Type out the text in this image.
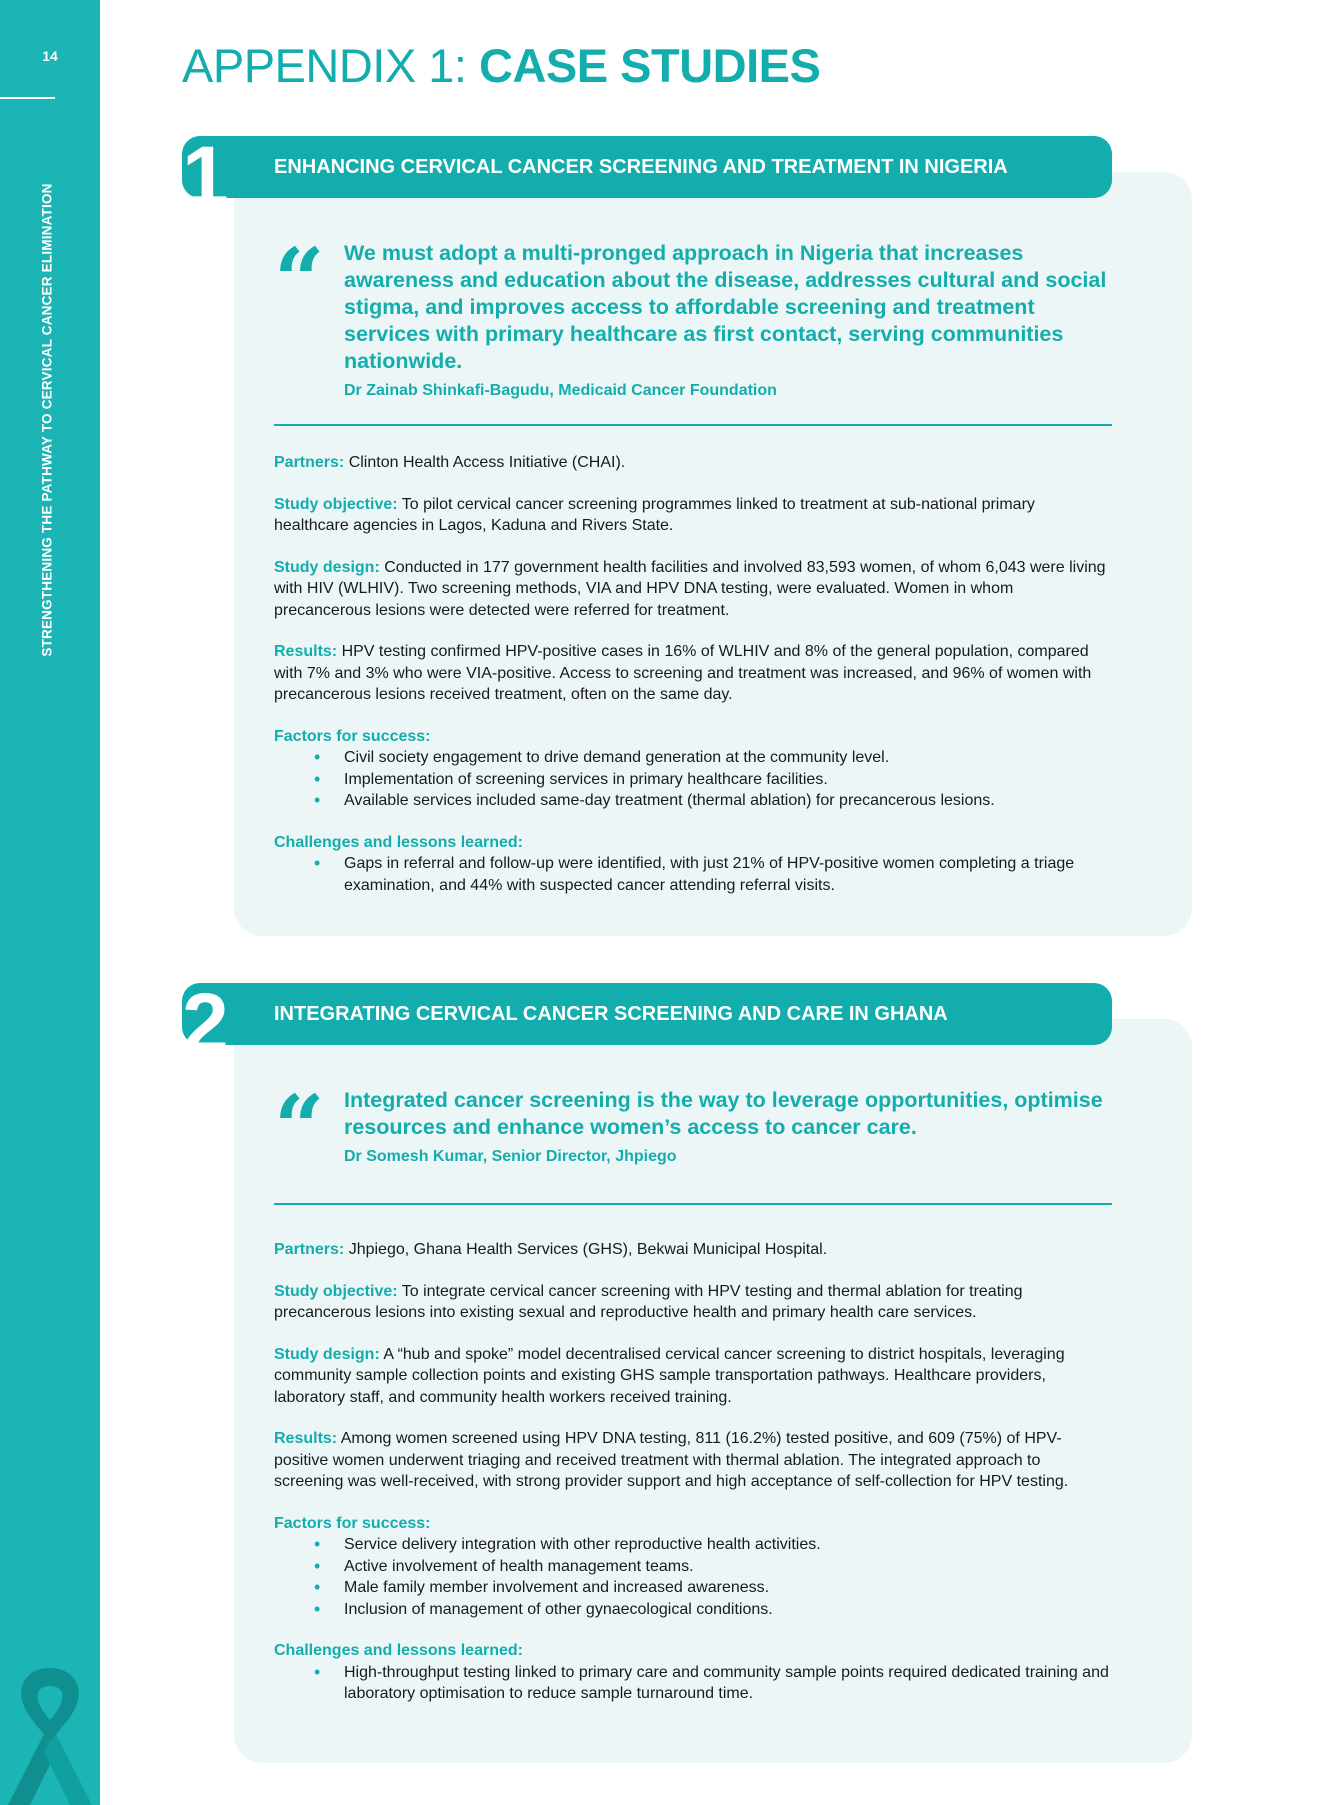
14
STRENGTHENING THE PATHWAY TO CERVICAL CANCER ELIMINATION
APPENDIX 1: CASE STUDIES
1 ENHANCING CERVICAL CANCER SCREENING AND TREATMENT IN NIGERIA
“ We must adopt a multi-pronged approach in Nigeria that increases awareness and education about the disease, addresses cultural and social stigma, and improves access to affordable screening and treatment services with primary healthcare as first contact, serving communities nationwide.
Dr Zainab Shinkafi-Bagudu, Medicaid Cancer Foundation

Partners: Clinton Health Access Initiative (CHAI).

Study objective: To pilot cervical cancer screening programmes linked to treatment at sub-national primary healthcare agencies in Lagos, Kaduna and Rivers State.

Study design: Conducted in 177 government health facilities and involved 83,593 women, of whom 6,043 were living with HIV (WLHIV). Two screening methods, VIA and HPV DNA testing, were evaluated. Women in whom precancerous lesions were detected were referred for treatment.

Results: HPV testing confirmed HPV-positive cases in 16% of WLHIV and 8% of the general population, compared with 7% and 3% who were VIA-positive. Access to screening and treatment was increased, and 96% of women with precancerous lesions received treatment, often on the same day.

Factors for success:
• Civil society engagement to drive demand generation at the community level.
• Implementation of screening services in primary healthcare facilities.
• Available services included same-day treatment (thermal ablation) for precancerous lesions.
Challenges and lessons learned:
• Gaps in referral and follow-up were identified, with just 21% of HPV-positive women completing a triage examination, and 44% with suspected cancer attending referral visits.
2 INTEGRATING CERVICAL CANCER SCREENING AND CARE IN GHANA
“ Integrated cancer screening is the way to leverage opportunities, optimise resources and enhance women’s access to cancer care.
Dr Somesh Kumar, Senior Director, Jhpiego

Partners: Jhpiego, Ghana Health Services (GHS), Bekwai Municipal Hospital.

Study objective: To integrate cervical cancer screening with HPV testing and thermal ablation for treating precancerous lesions into existing sexual and reproductive health and primary health care services.

Study design: A “hub and spoke” model decentralised cervical cancer screening to district hospitals, leveraging community sample collection points and existing GHS sample transportation pathways. Healthcare providers, laboratory staff, and community health workers received training.

Results: Among women screened using HPV DNA testing, 811 (16.2%) tested positive, and 609 (75%) of HPV-positive women underwent triaging and received treatment with thermal ablation. The integrated approach to screening was well-received, with strong provider support and high acceptance of self-collection for HPV testing.

Factors for success:
• Service delivery integration with other reproductive health activities.
• Active involvement of health management teams.
• Male family member involvement and increased awareness.
• Inclusion of management of other gynaecological conditions.
Challenges and lessons learned:
• High-throughput testing linked to primary care and community sample points required dedicated training and laboratory optimisation to reduce sample turnaround time.
